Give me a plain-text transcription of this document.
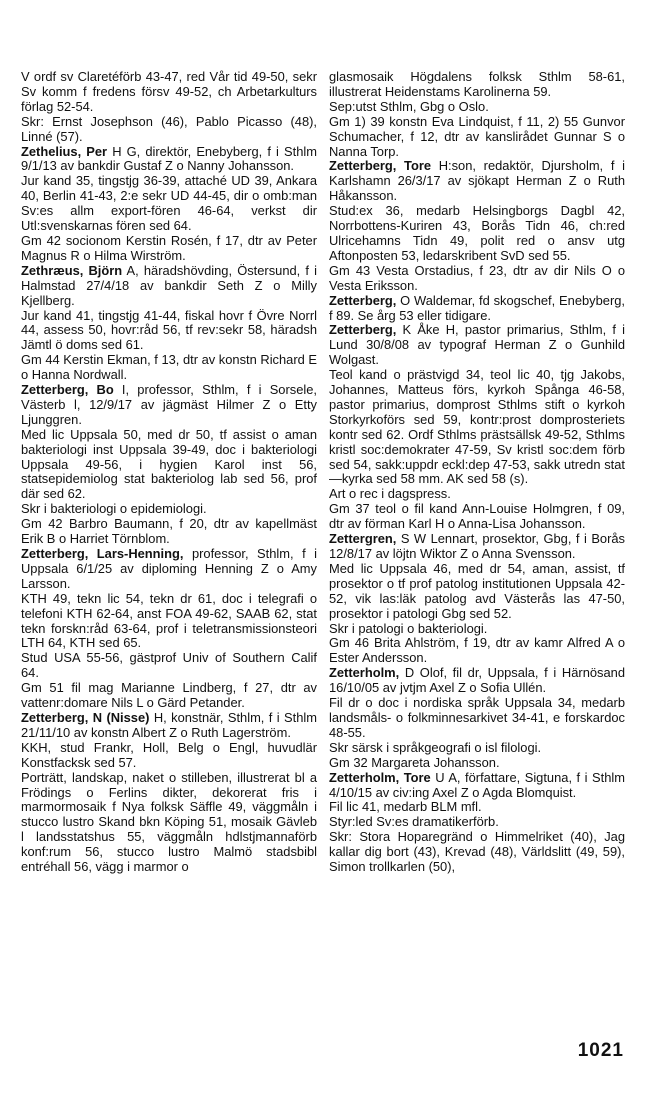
V ordf sv Claretéförb 43-47, red Vår tid 49-50, sekr Sv komm f fredens försv 49-52, ch Arbetarkulturs förlag 52-54.

Skr: Ernst Josephson (46), Pablo Picasso (48), Linné (57).

Zethelius, Per H G, direktör, Enebyberg, f i Sthlm 9/1/13 av bankdir Gustaf Z o Nanny Johansson.

Jur kand 35, tingstjg 36-39, attaché UD 39, Ankara 40, Berlin 41-43, 2:e sekr UD 44-45, dir o omb:man Sv:es allm export-fören 46-64, verkst dir Utl:svenskarnas fören sed 64.

Gm 42 socionom Kerstin Rosén, f 17, dtr av Peter Magnus R o Hilma Wirström.

Zethræus, Björn A, häradshövding, Östersund, f i Halmstad 27/4/18 av bankdir Seth Z o Milly Kjellberg.

Jur kand 41, tingstjg 41-44, fiskal hovr f Övre Norrl 44, assess 50, hovr:råd 56, tf rev:sekr 58, häradsh Jämtl ö doms sed 61.

Gm 44 Kerstin Ekman, f 13, dtr av konstn Richard E o Hanna Nordwall.

Zetterberg, Bo I, professor, Sthlm, f i Sorsele, Västerb l, 12/9/17 av jägmäst Hilmer Z o Etty Ljunggren.

Med lic Uppsala 50, med dr 50, tf assist o aman bakteriologi inst Uppsala 39-49, doc i bakteriologi Uppsala 49-56, i hygien Karol inst 56, statsepidemiolog stat bakteriolog lab sed 56, prof där sed 62.

Skr i bakteriologi o epidemiologi.

Gm 42 Barbro Baumann, f 20, dtr av kapellmäst Erik B o Harriet Törnblom.

Zetterberg, Lars-Henning, professor, Sthlm, f i Uppsala 6/1/25 av diploming Henning Z o Amy Larsson.

KTH 49, tekn lic 54, tekn dr 61, doc i telegrafi o telefoni KTH 62-64, anst FOA 49-62, SAAB 62, stat tekn forskn:råd 63-64, prof i teletransmissionsteori LTH 64, KTH sed 65.

Stud USA 55-56, gästprof Univ of Southern Calif 64.

Gm 51 fil mag Marianne Lindberg, f 27, dtr av vattenr:domare Nils L o Gärd Petander.

Zetterberg, N (Nisse) H, konstnär, Sthlm, f i Sthlm 21/11/10 av konstn Albert Z o Ruth Lagerström.

KKH, stud Frankr, Holl, Belg o Engl, huvudlär Konstfacksk sed 57.

Porträtt, landskap, naket o stilleben, illustrerat bl a Frödings o Ferlins dikter, dekorerat fris i marmormosaik f Nya folksk Säffle 49, väggmåln i stucco lustro Skand bkn Köping 51, mosaik Gävleb l landsstatshus 55, väggmåln hdlstjmannaförb konf:rum 56, stucco lustro Malmö stadsbibl entréhall 56, vägg i marmor o

glasmosaik Högdalens folksk Sthlm 58-61, illustrerat Heidenstams Karolinerna 59.

Sep:utst Sthlm, Gbg o Oslo.

Gm 1) 39 konstn Eva Lindquist, f 11, 2) 55 Gunvor Schumacher, f 12, dtr av kanslirådet Gunnar S o Nanna Torp.

Zetterberg, Tore H:son, redaktör, Djursholm, f i Karlshamn 26/3/17 av sjökapt Herman Z o Ruth Håkansson.

Stud:ex 36, medarb Helsingborgs Dagbl 42, Norrbottens-Kuriren 43, Borås Tidn 46, ch:red Ulricehamns Tidn 49, polit red o ansv utg Aftonposten 53, ledarskribent SvD sed 55.

Gm 43 Vesta Orstadius, f 23, dtr av dir Nils O o Vesta Eriksson.

Zetterberg, O Waldemar, fd skogschef, Enebyberg, f 89. Se årg 53 eller tidigare.

Zetterberg, K Åke H, pastor primarius, Sthlm, f i Lund 30/8/08 av typograf Herman Z o Gunhild Wolgast.

Teol kand o prästvigd 34, teol lic 40, tjg Jakobs, Johannes, Matteus förs, kyrkoh Spånga 46-58, pastor primarius, domprost Sthlms stift o kyrkoh Storkyrkoförs sed 59, kontr:prost domprosteriets kontr sed 62. Ordf Sthlms prästsällsk 49-52, Sthlms kristl soc:demokrater 47-59, Sv kristl soc:dem förb sed 54, sakk:uppdr eckl:dep 47-53, sakk utredn stat—kyrka sed 58 mm. AK sed 58 (s).

Art o rec i dagspress.

Gm 37 teol o fil kand Ann-Louise Holmgren, f 09, dtr av förman Karl H o Anna-Lisa Johansson.

Zettergren, S W Lennart, prosektor, Gbg, f i Borås 12/8/17 av löjtn Wiktor Z o Anna Svensson.

Med lic Uppsala 46, med dr 54, aman, assist, tf prosektor o tf prof patolog institutionen Uppsala 42-52, vik las:läk patolog avd Västerås las 47-50, prosektor i patologi Gbg sed 52.

Skr i patologi o bakteriologi.

Gm 46 Brita Ahlström, f 19, dtr av kamr Alfred A o Ester Andersson.

Zetterholm, D Olof, fil dr, Uppsala, f i Härnösand 16/10/05 av jvtjm Axel Z o Sofia Ullén.

Fil dr o doc i nordiska språk Uppsala 34, medarb landsmåls- o folkminnesarkivet 34-41, e forskardoc 48-55.

Skr särsk i språkgeografi o isl filologi.

Gm 32 Margareta Johansson.

Zetterholm, Tore U A, författare, Sigtuna, f i Sthlm 4/10/15 av civ:ing Axel Z o Agda Blomquist.

Fil lic 41, medarb BLM mfl.

Styr:led Sv:es dramatikerförb.

Skr: Stora Hoparegränd o Himmelriket (40), Jag kallar dig bort (43), Krevad (48), Världslitt (49, 59), Simon trollkarlen (50),

1021
